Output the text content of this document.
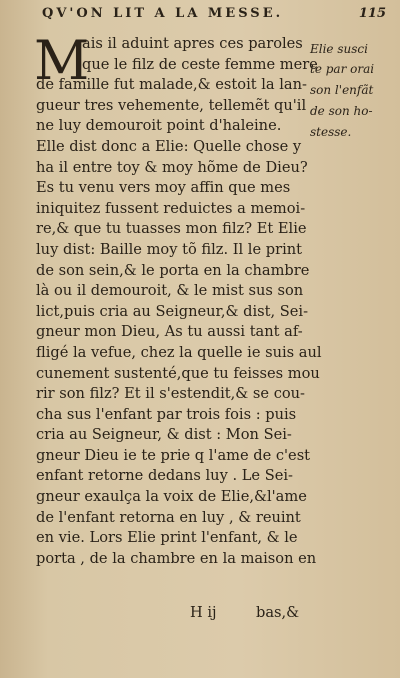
QV'ON LIT A LA MESSE.	115
M
ais il aduint apres ces paroles
que le filz de ceste femme mere
de famille fut malade,& estoit la lan-
gueur tres vehemente, tellemẽt qu'il
ne luy demouroit point d'haleine.
Elle dist donc a Elie: Quelle chose y
ha il entre toy & moy hõme de Dieu?
Es tu venu vers moy affin que mes
iniquitez fussent reduictes a memoi-
re,& que tu tuasses mon filz? Et Elie
luy dist: Baille moy tõ filz. Il le print
de son sein,& le porta en la chambre
là ou il demouroit, & le mist sus son
lict,puis cria au Seigneur,& dist, Sei-
gneur mon Dieu, As tu aussi tant af-
fligé la vefue, chez la quelle ie suis aul
cunement sustenté,que tu feisses mou
rir son filz? Et il s'estendit,& se cou-
cha sus l'enfant par trois fois : puis
cria au Seigneur, & dist : Mon Sei-
gneur Dieu ie te prie q l'ame de c'est
enfant retorne dedans luy . Le Sei-
gneur exaulça la voix de Elie,&l'ame
de l'enfant retorna en luy , & reuint
en vie. Lors Elie print l'enfant, & le
porta , de la chambre en la maison en
Elie susci
te par orai
son l'enfãt
de son ho-
stesse.
H ij	bas,&
